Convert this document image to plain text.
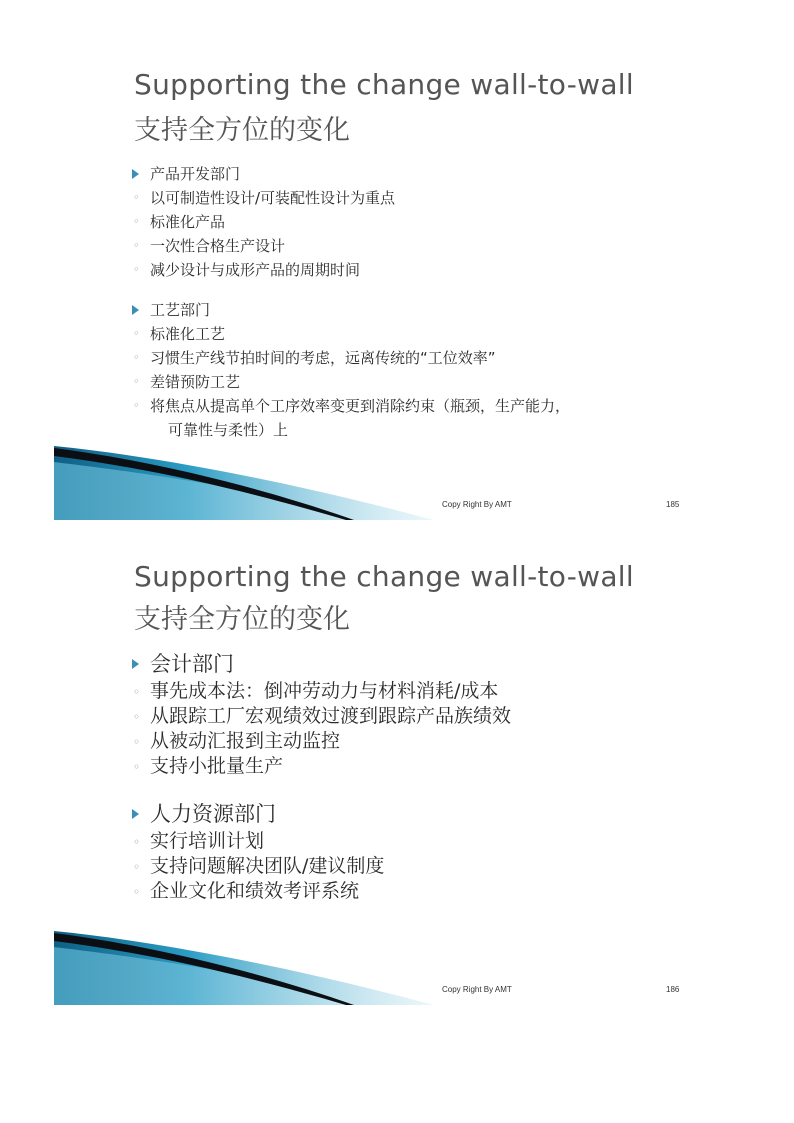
Supporting the change wall-to-wall
支持全方位的变化
产品开发部门
◦ 以可制造性设计/可装配性设计为重点
◦ 标准化产品
◦ 一次性合格生产设计
◦ 减少设计与成形产品的周期时间
工艺部门
◦ 标准化工艺
◦ 习惯生产线节拍时间的考虑，远离传统的“工位效率”
◦ 差错预防工艺
◦ 将焦点从提高单个工序效率变更到消除约束（瓶颈，生产能力，
可靠性与柔性）上
Copy Right By AMT	185
Supporting the change wall-to-wall
支持全方位的变化
会计部门
◦ 事先成本法：倒冲劳动力与材料消耗/成本
◦ 从跟踪工厂宏观绩效过渡到跟踪产品族绩效
◦ 从被动汇报到主动监控
◦ 支持小批量生产
人力资源部门
◦ 实行培训计划
◦ 支持问题解决团队/建议制度
◦ 企业文化和绩效考评系统
Copy Right By AMT	186
